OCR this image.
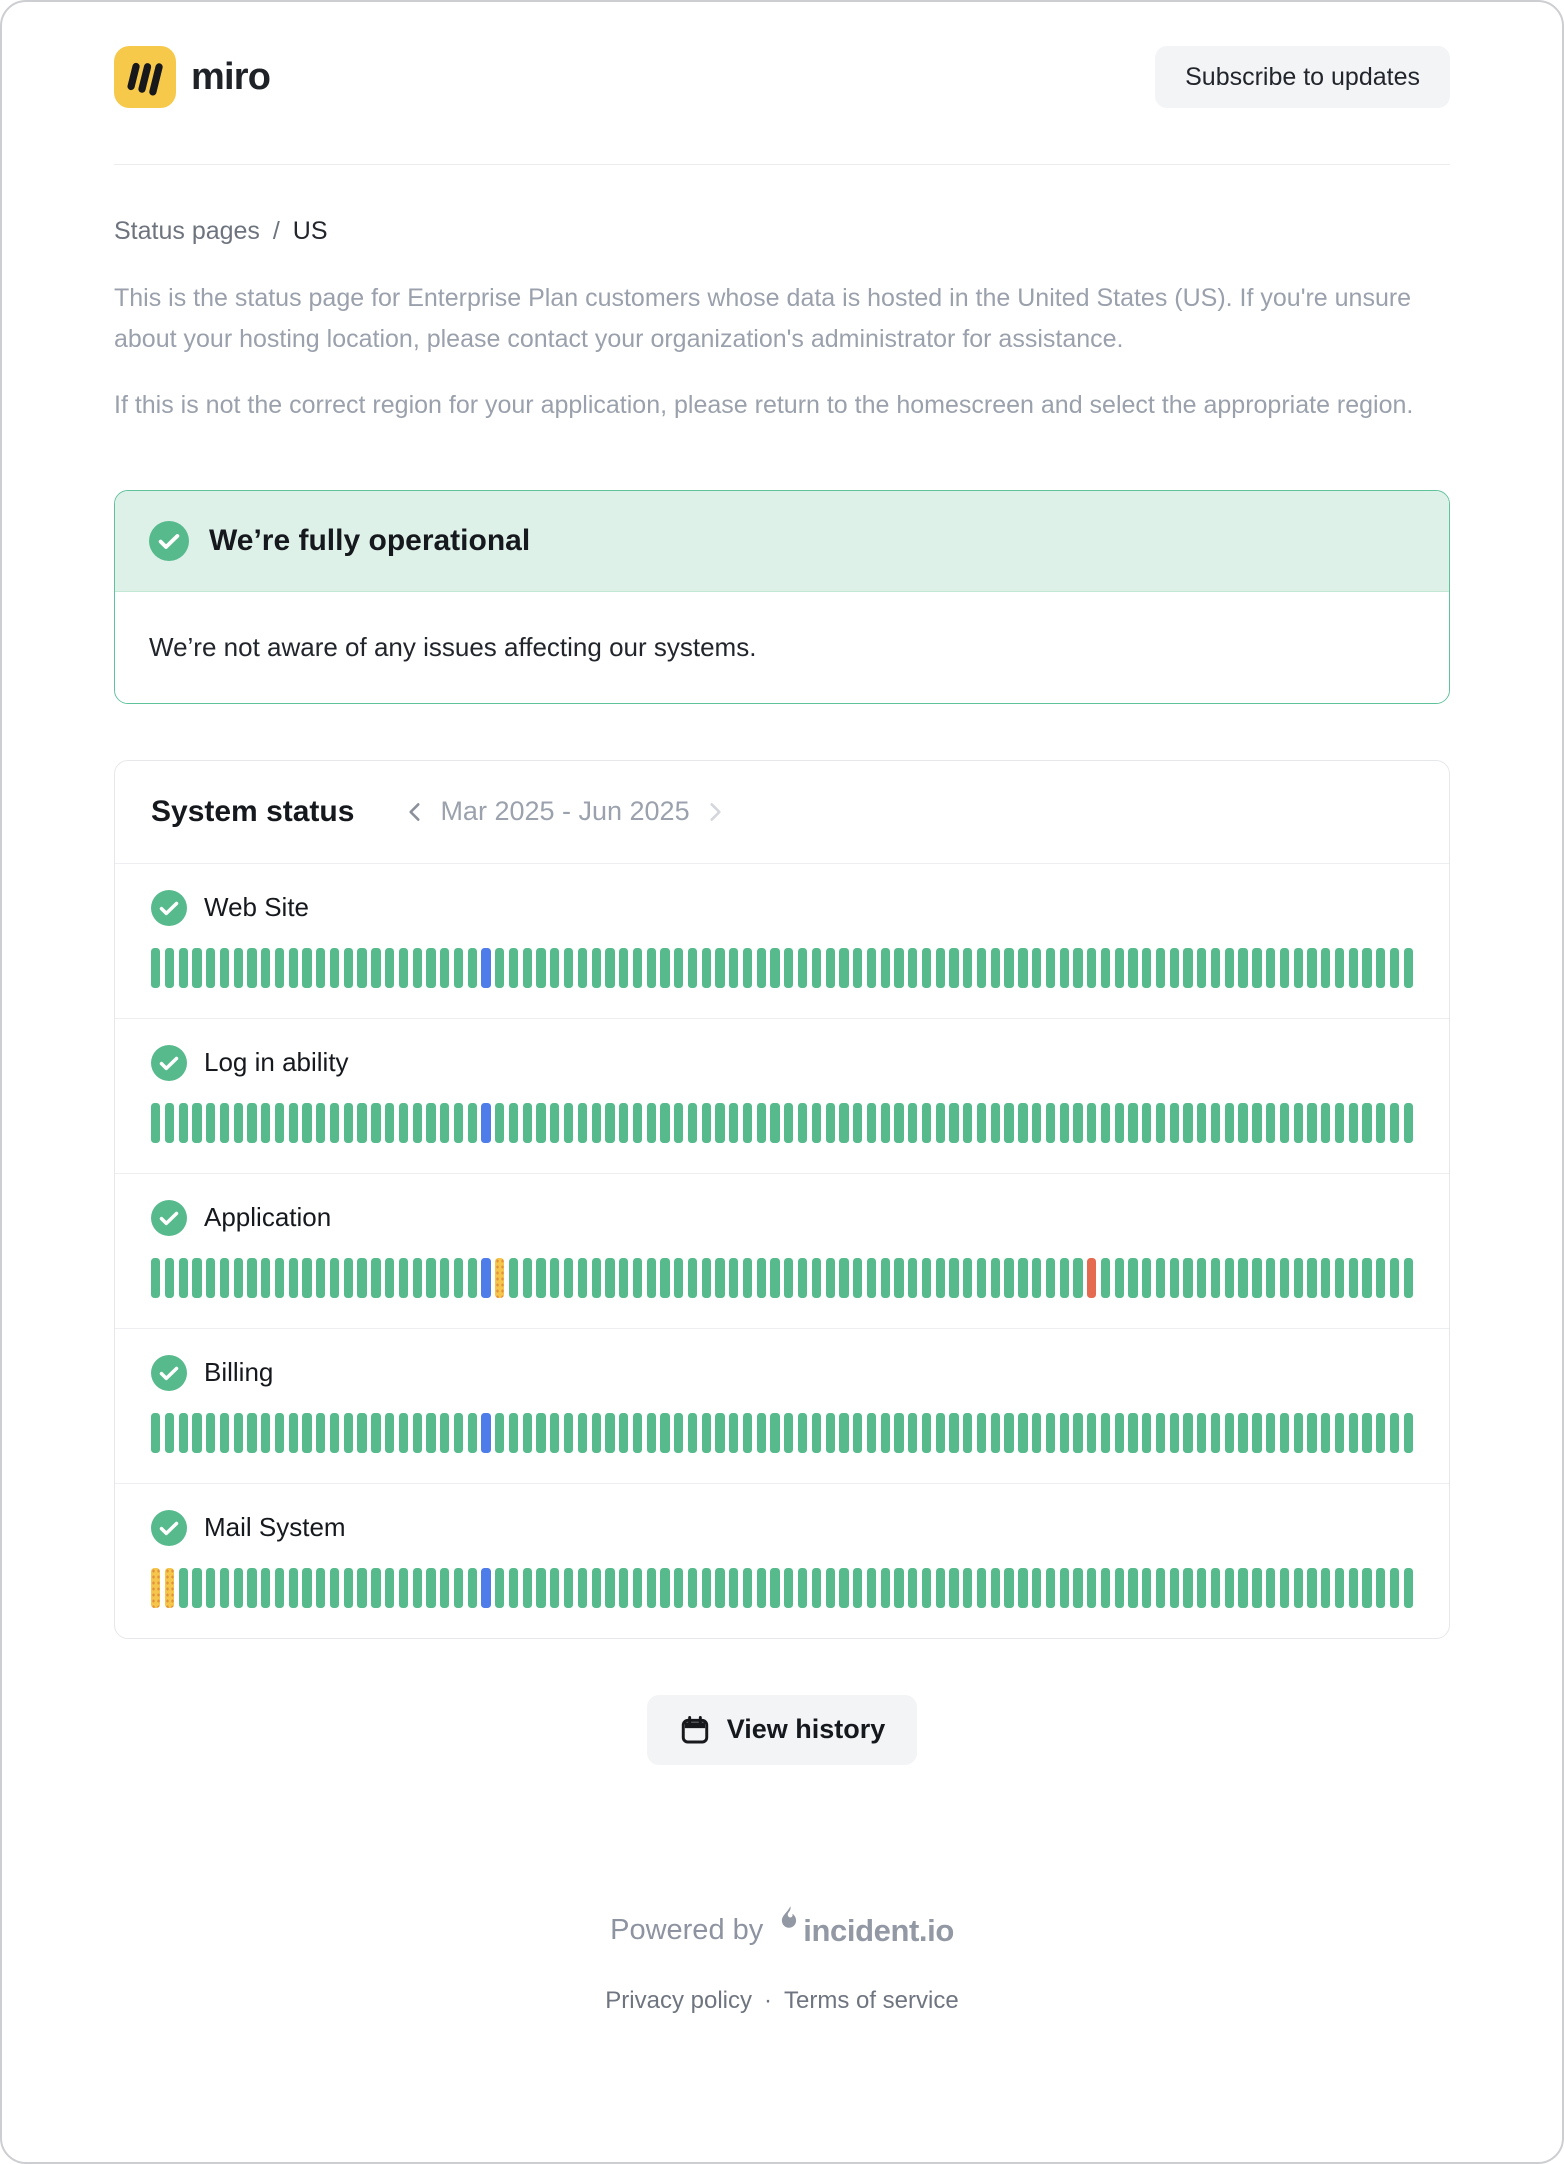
miro	Subscribe to updates
Status pages / US

This is the status page for Enterprise Plan customers whose data is hosted in the United States (US). If you're unsure about your hosting location, please contact your organization's administrator for assistance.

If this is not the correct region for your application, please return to the homescreen and select the appropriate region.

We’re fully operational

We’re not aware of any issues affecting our systems.

System status	Mar 2025 - Jun 2025
Web Site
Log in ability
Application
Billing
Mail System
View history
Powered by incident.io
Privacy policy · Terms of service
